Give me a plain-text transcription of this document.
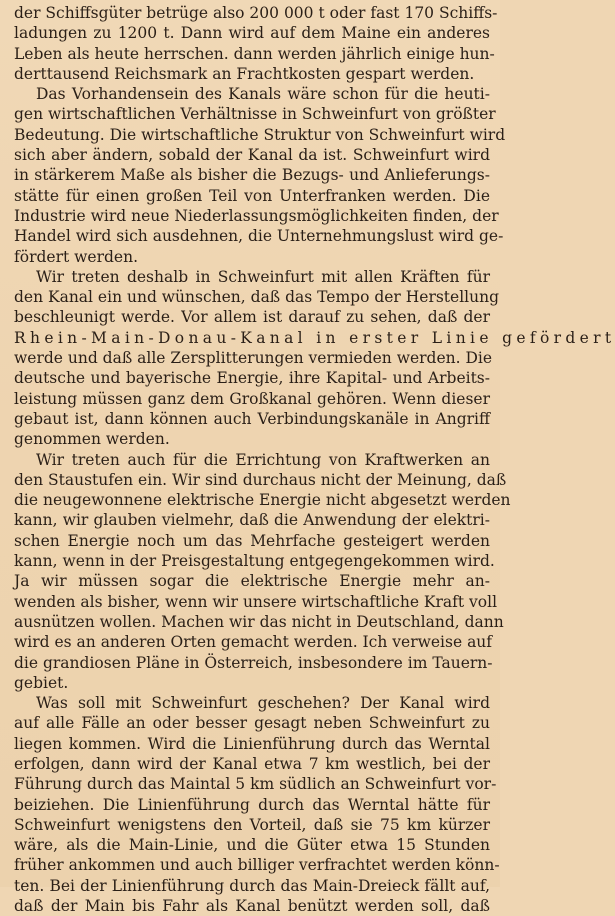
der Schiffsgüter betrüge also 200 000 t oder fast 170 Schiffs-
ladungen zu 1200 t. Dann wird auf dem Maine ein anderes
Leben als heute herrschen. dann werden jährlich einige hun-
derttausend Reichsmark an Frachtkosten gespart werden.
Das Vorhandensein des Kanals wäre schon für die heuti-
gen wirtschaftlichen Verhältnisse in Schweinfurt von größter
Bedeutung. Die wirtschaftliche Struktur von Schweinfurt wird
sich aber ändern, sobald der Kanal da ist. Schweinfurt wird
in stärkerem Maße als bisher die Bezugs- und Anlieferungs-
stätte für einen großen Teil von Unterfranken werden. Die
Industrie wird neue Niederlassungsmöglichkeiten finden, der
Handel wird sich ausdehnen, die Unternehmungslust wird ge-
fördert werden.
Wir treten deshalb in Schweinfurt mit allen Kräften für
den Kanal ein und wünschen, daß das Tempo der Herstellung
beschleunigt werde. Vor allem ist darauf zu sehen, daß der
Rhein-Main-Donau-Kanal in erster Linie gefördert
werde und daß alle Zersplitterungen vermieden werden. Die
deutsche und bayerische Energie, ihre Kapital- und Arbeits-
leistung müssen ganz dem Großkanal gehören. Wenn dieser
gebaut ist, dann können auch Verbindungskanäle in Angriff
genommen werden.
Wir treten auch für die Errichtung von Kraftwerken an
den Staustufen ein. Wir sind durchaus nicht der Meinung, daß
die neugewonnene elektrische Energie nicht abgesetzt werden
kann, wir glauben vielmehr, daß die Anwendung der elektri-
schen Energie noch um das Mehrfache gesteigert werden
kann, wenn in der Preisgestaltung entgegengekommen wird.
Ja wir müssen sogar die elektrische Energie mehr an-
wenden als bisher, wenn wir unsere wirtschaftliche Kraft voll
ausnützen wollen. Machen wir das nicht in Deutschland, dann
wird es an anderen Orten gemacht werden. Ich verweise auf
die grandiosen Pläne in Österreich, insbesondere im Tauern-
gebiet.
Was soll mit Schweinfurt geschehen? Der Kanal wird
auf alle Fälle an oder besser gesagt neben Schweinfurt zu
liegen kommen. Wird die Linienführung durch das Werntal
erfolgen, dann wird der Kanal etwa 7 km westlich, bei der
Führung durch das Maintal 5 km südlich an Schweinfurt vor-
beiziehen. Die Linienführung durch das Werntal hätte für
Schweinfurt wenigstens den Vorteil, daß sie 75 km kürzer
wäre, als die Main-Linie, und die Güter etwa 15 Stunden
früher ankommen und auch billiger verfrachtet werden könn-
ten. Bei der Linienführung durch das Main-Dreieck fällt auf,
daß der Main bis Fahr als Kanal benützt werden soll, daß
